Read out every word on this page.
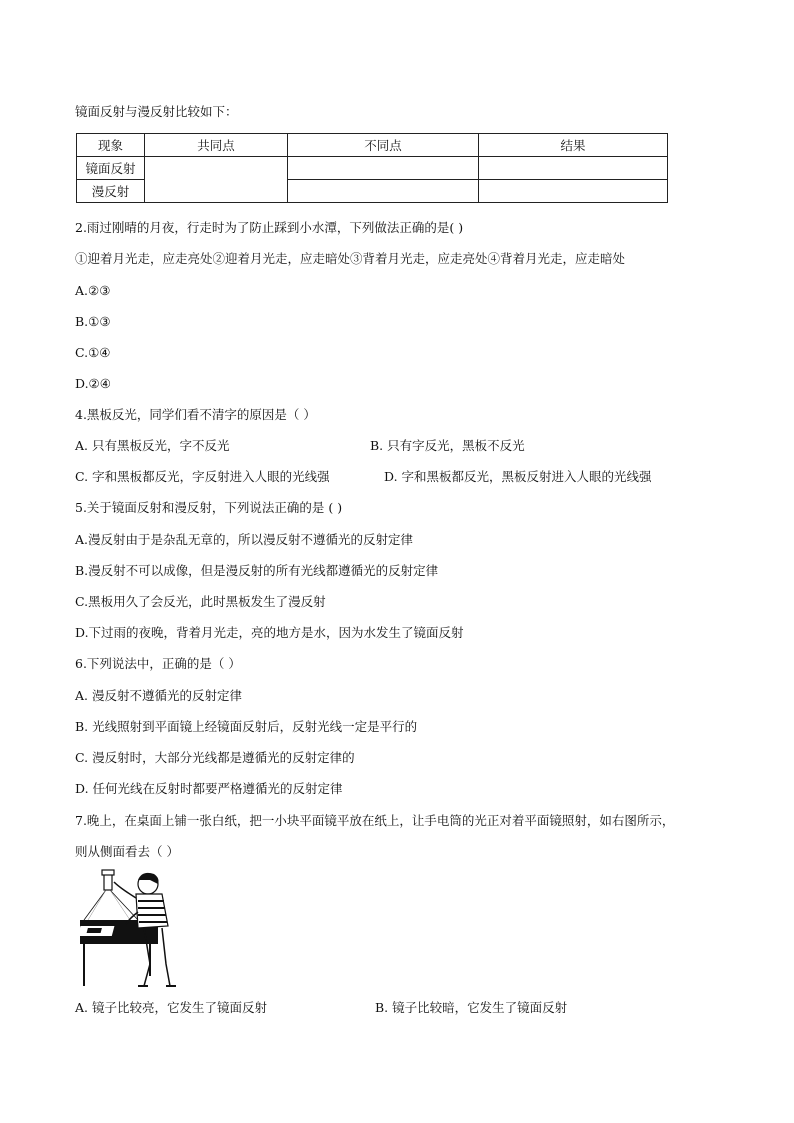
镜面反射与漫反射比较如下：
现象	共同点	不同点	结果
镜面反射			
漫反射			
2.雨过刚晴的月夜，行走时为了防止踩到小水潭，下列做法正确的是( )
①迎着月光走，应走亮处②迎着月光走，应走暗处③背着月光走，应走亮处④背着月光走，应走暗处
A.②③
B.①③
C.①④
D.②④
4.黑板反光，同学们看不清字的原因是（ ）
A. 只有黑板反光，字不反光	B. 只有字反光，黑板不反光
C. 字和黑板都反光，字反射进入人眼的光线强	D. 字和黑板都反光，黑板反射进入人眼的光线强
5.关于镜面反射和漫反射，下列说法正确的是 ( )
A.漫反射由于是杂乱无章的，所以漫反射不遵循光的反射定律
B.漫反射不可以成像，但是漫反射的所有光线都遵循光的反射定律
C.黑板用久了会反光，此时黑板发生了漫反射
D.下过雨的夜晚，背着月光走，亮的地方是水，因为水发生了镜面反射
6.下列说法中，正确的是（ ）
A. 漫反射不遵循光的反射定律
B. 光线照射到平面镜上经镜面反射后，反射光线一定是平行的
C. 漫反射时，大部分光线都是遵循光的反射定律的
D. 任何光线在反射时都要严格遵循光的反射定律
7.晚上，在桌面上铺一张白纸，把一小块平面镜平放在纸上，让手电筒的光正对着平面镜照射，如右图所示，
则从侧面看去（ ）
A. 镜子比较亮，它发生了镜面反射	B. 镜子比较暗，它发生了镜面反射
